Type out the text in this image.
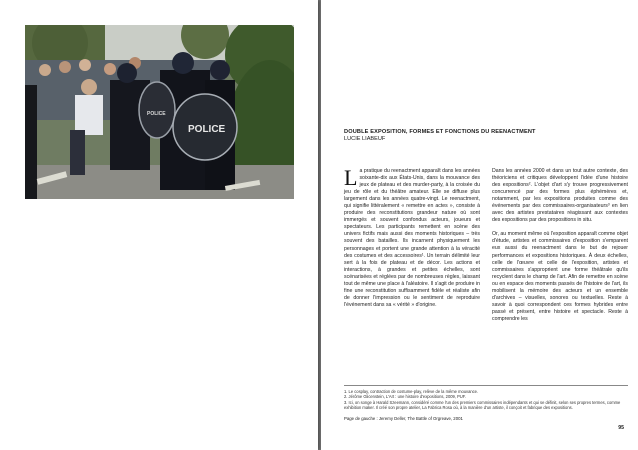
POLICE
POLICE
DOUBLE EXPOSITION, FORMES ET FONCTIONS DU REENACTMENT
LUCIE LIABEUF

La pratique du reenactment apparaît dans les années soixante-dix aux États-Unis, dans la mouvance des jeux de plateau et des murder-party, à la croisée du jeu de rôle et du théâtre amateur. Elle se diffuse plus largement dans les années quatre-vingt. Le reenactment, qui signifie littéralement « remettre en actes », consiste à produire des reconstitutions grandeur nature où sont immergés et souvent confondus acteurs, joueurs et spectateurs. Les participants remettent en scène des univers fictifs mais aussi des moments historiques – très souvent des batailles. Ils incarnent physiquement les personnages et portent une grande attention à la véracité des costumes et des accessoires¹. Un terrain délimité leur sert à la fois de plateau et de décor. Les actions et interactions, à grandes et petites échelles, sont scénarisées et réglées par de nombreuses règles, laissant tout de même une place à l'aléatoire. Il s'agit de produire in fine une reconstitution suffisamment fidèle et réaliste afin de donner l'impression ou le sentiment de reproduire l'événement dans sa « vérité » d'origine.

Dans les années 2000 et dans un tout autre contexte, des théoriciens et critiques développent l'idée d'une histoire des expositions². L'objet d'art s'y trouve progressivement concurrencé par des formes plus éphémères et, notamment, par les expositions produites comme des événements par des commissaires-organisateurs³ en lien avec des artistes prestataires réagissant aux contextes des expositions par des propositions in situ.

Or, au moment même où l'exposition apparaît comme objet d'étude, artistes et commissaires d'exposition s'emparent eux aussi du reenactment dans le but de rejouer performances et expositions historiques. À deux échelles, celle de l'œuvre et celle de l'exposition, artistes et commissaires s'approprient une forme théâtrale qu'ils recyclent dans le champ de l'art. Afin de remettre en scène ou en espace des moments passés de l'histoire de l'art, ils mobilisent la mémoire des acteurs et un ensemble d'archives – visuelles, sonores ou textuelles. Reste à savoir à quoi correspondent ces formes hybrides entre passé et présent, entre histoire et spectacle. Reste à comprendre les

1. Le cosplay, contraction de costume-play, relève de la même mouvance.
2. Jérôme Glicenstein, L'Art : une histoire d'expositions, 2009, PUF.
3. Ici, on songe à Harald Szeemann, considéré comme l'un des premiers commissaires indépendants et qui se définit, selon ses propres termes, comme exhibition maker. Il créé son propre atelier, La Fabrica Rosa où, à la manière d'un artiste, il conçoit et fabrique des expositions.
Page de gauche : Jeremy Deller, The Battle of Orgreave, 2001
95
